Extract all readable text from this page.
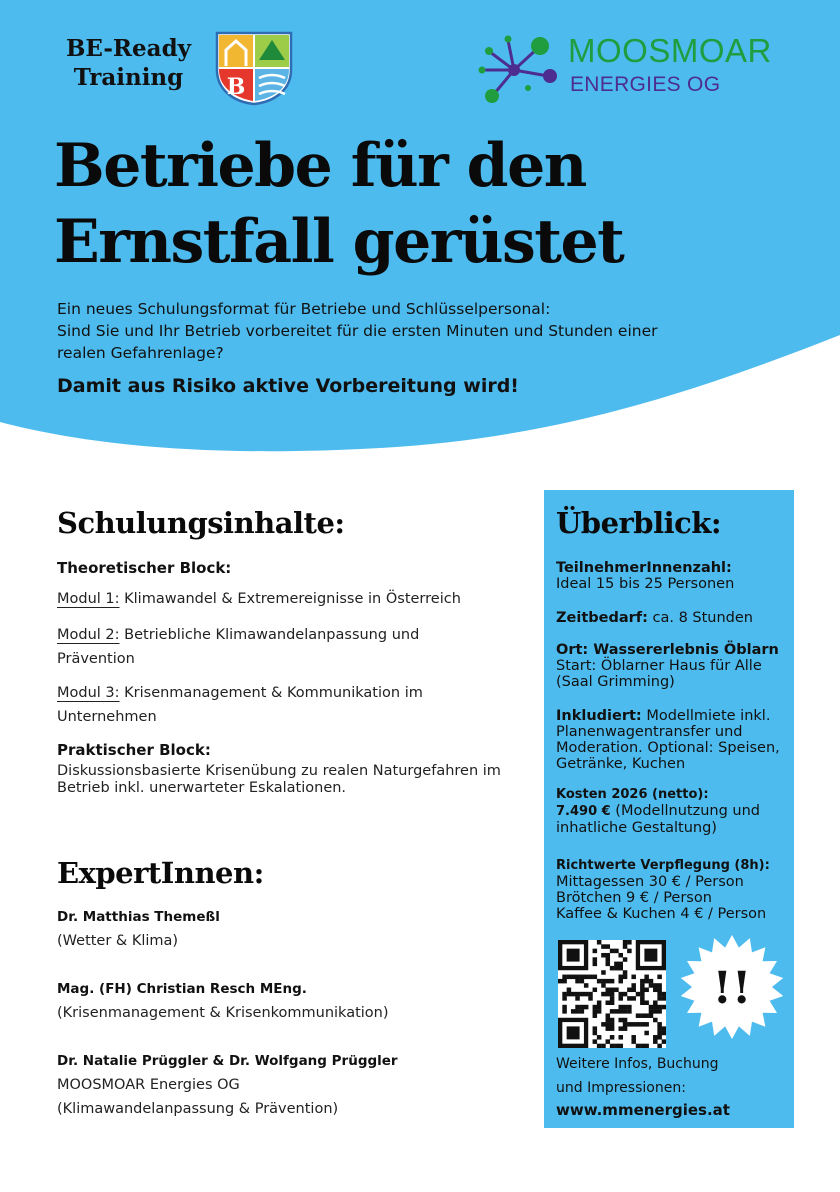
BE-Ready
Training	B
MOOSMOAR
ENERGIES OG
Betriebe für den
Ernstfall gerüstet
Ein neues Schulungsformat für Betriebe und Schlüsselpersonal:
Sind Sie und Ihr Betrieb vorbereitet für die ersten Minuten und Stunden einer
realen Gefahrenlage?
Damit aus Risiko aktive Vorbereitung wird!
Schulungsinhalte:
Theoretischer Block:
Modul 1: Klimawandel & Extremereignisse in Österreich
Modul 2: Betriebliche Klimawandelanpassung und Prävention
Modul 3: Krisenmanagement & Kommunikation im Unternehmen
Praktischer Block:
Diskussionsbasierte Krisenübung zu realen Naturgefahren im Betrieb inkl. unerwarteter Eskalationen.
ExpertInnen:
Dr. Matthias Themeßl
(Wetter & Klima)
Mag. (FH) Christian Resch MEng.
(Krisenmanagement & Krisenkommunikation)
Dr. Natalie Prüggler & Dr. Wolfgang Prüggler
MOOSMOAR Energies OG
(Klimawandelanpassung & Prävention)
Überblick:
TeilnehmerInnenzahl:
Ideal 15 bis 25 Personen
Zeitbedarf: ca. 8 Stunden
Ort: Wassererlebnis Öblarn
Start: Öblarner Haus für Alle (Saal Grimming)
Inkludiert: Modellmiete inkl. Planenwagentransfer und Moderation. Optional: Speisen, Getränke, Kuchen
Kosten 2026 (netto):
7.490 € (Modellnutzung und inhatliche Gestaltung)
Richtwerte Verpflegung (8h):
Mittagessen 30 € / Person
Brötchen 9 € / Person
Kaffee & Kuchen 4 € / Person
!!
Weitere Infos, Buchung
und Impressionen:
www.mmenergies.at
